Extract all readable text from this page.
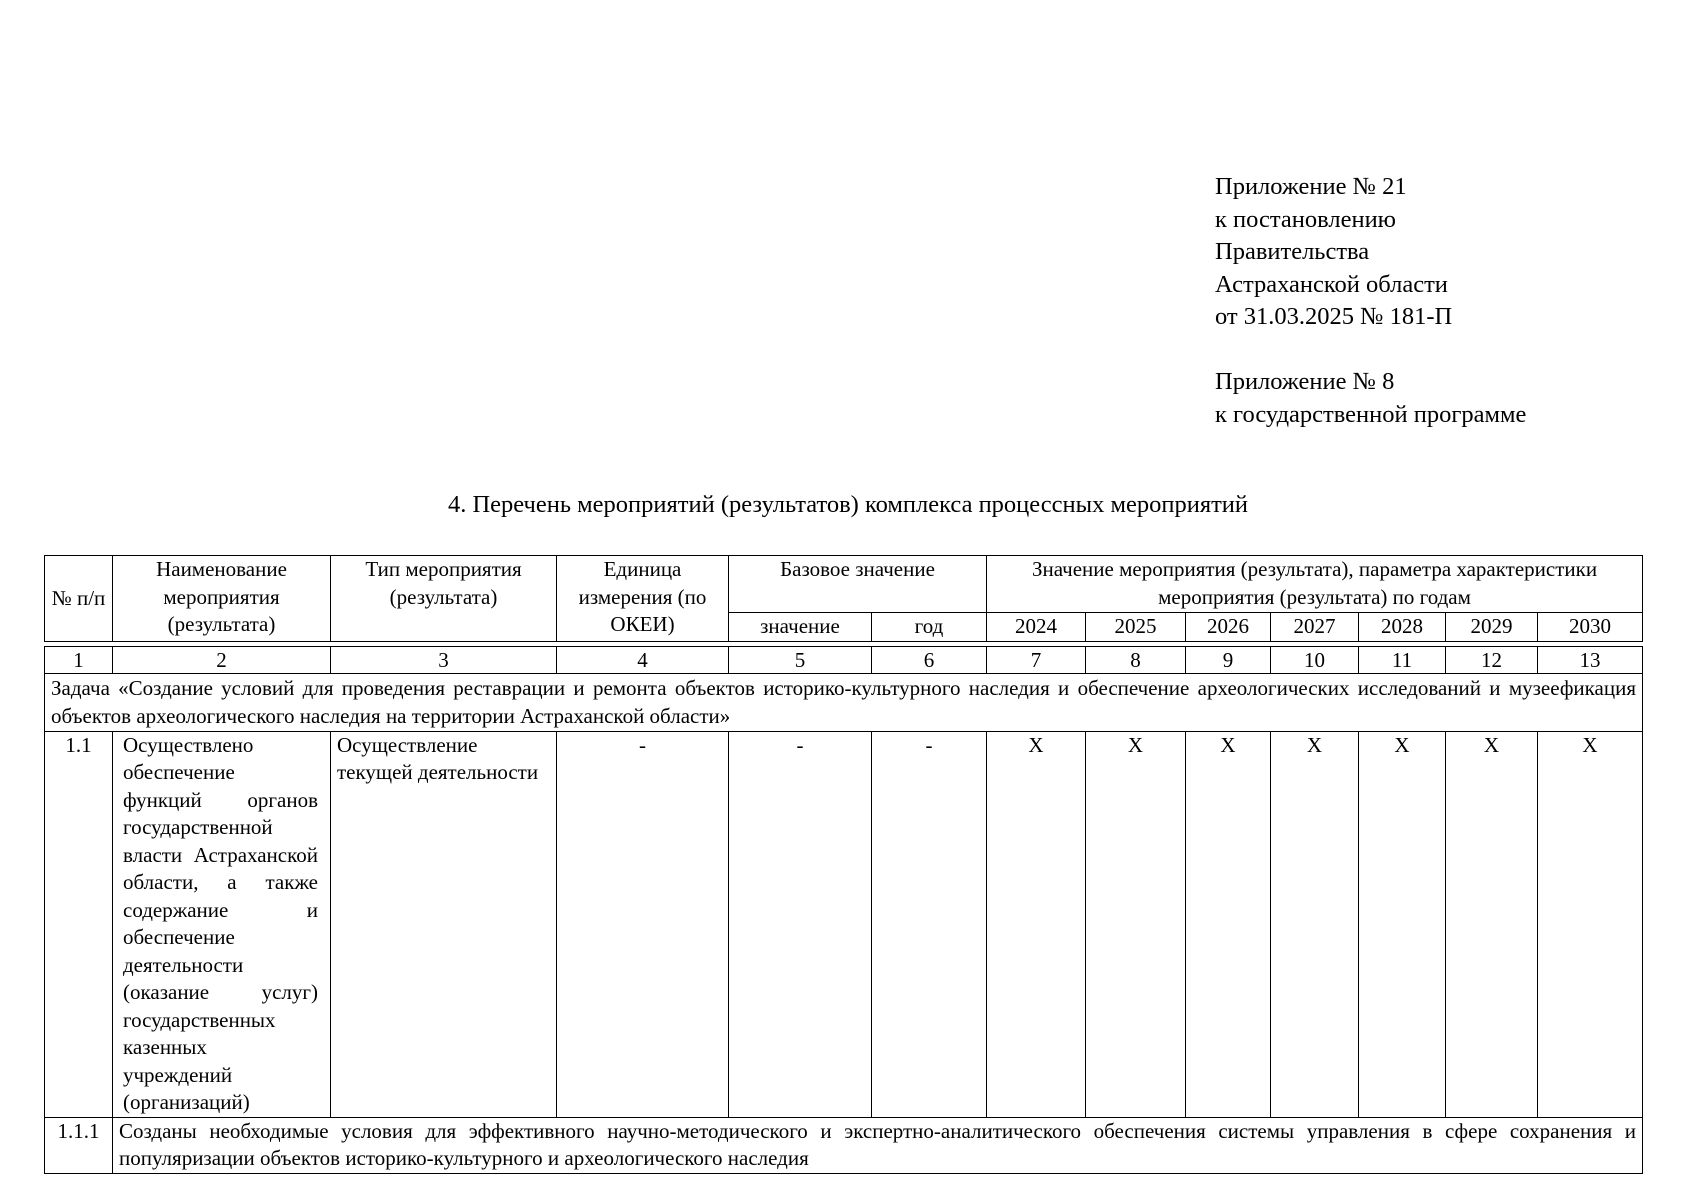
Приложение № 21
к постановлению
Правительства
Астраханской области
от 31.03.2025 № 181-П
Приложение № 8
к государственной программе
4. Перечень мероприятий (результатов) комплекса процессных мероприятий
№ п/п	Наименование мероприятия (результата)	Тип мероприятия (результата)	Единица измерения (по ОКЕИ)	Базовое значение		Значение мероприятия (результата), параметра характеристики мероприятия (результата) по годам						
				значение	год	2024	2025	2026	2027	2028	2029	2030

1	2	3	4	5	6	7	8	9	10	11	12	13
Задача «Создание условий для проведения реставрации и ремонта объектов историко-культурного наследия и обеспечение археологических исследований и музеефикация объектов археологического наследия на территории Астраханской области»												
1.1	Осуществлено обеспечение функций органов государственной власти Астраханской области, а также содержание и обеспечение деятельности (оказание услуг) государственных казенных учреждений (организаций)	Осуществление текущей деятельности	-	-	-	X	X	X	X	X	X	X
1.1.1	Созданы необходимые условия для эффективного научно-методического и экспертно-аналитического обеспечения системы управления в сфере сохранения и популяризации объектов историко-культурного и археологического наследия											
